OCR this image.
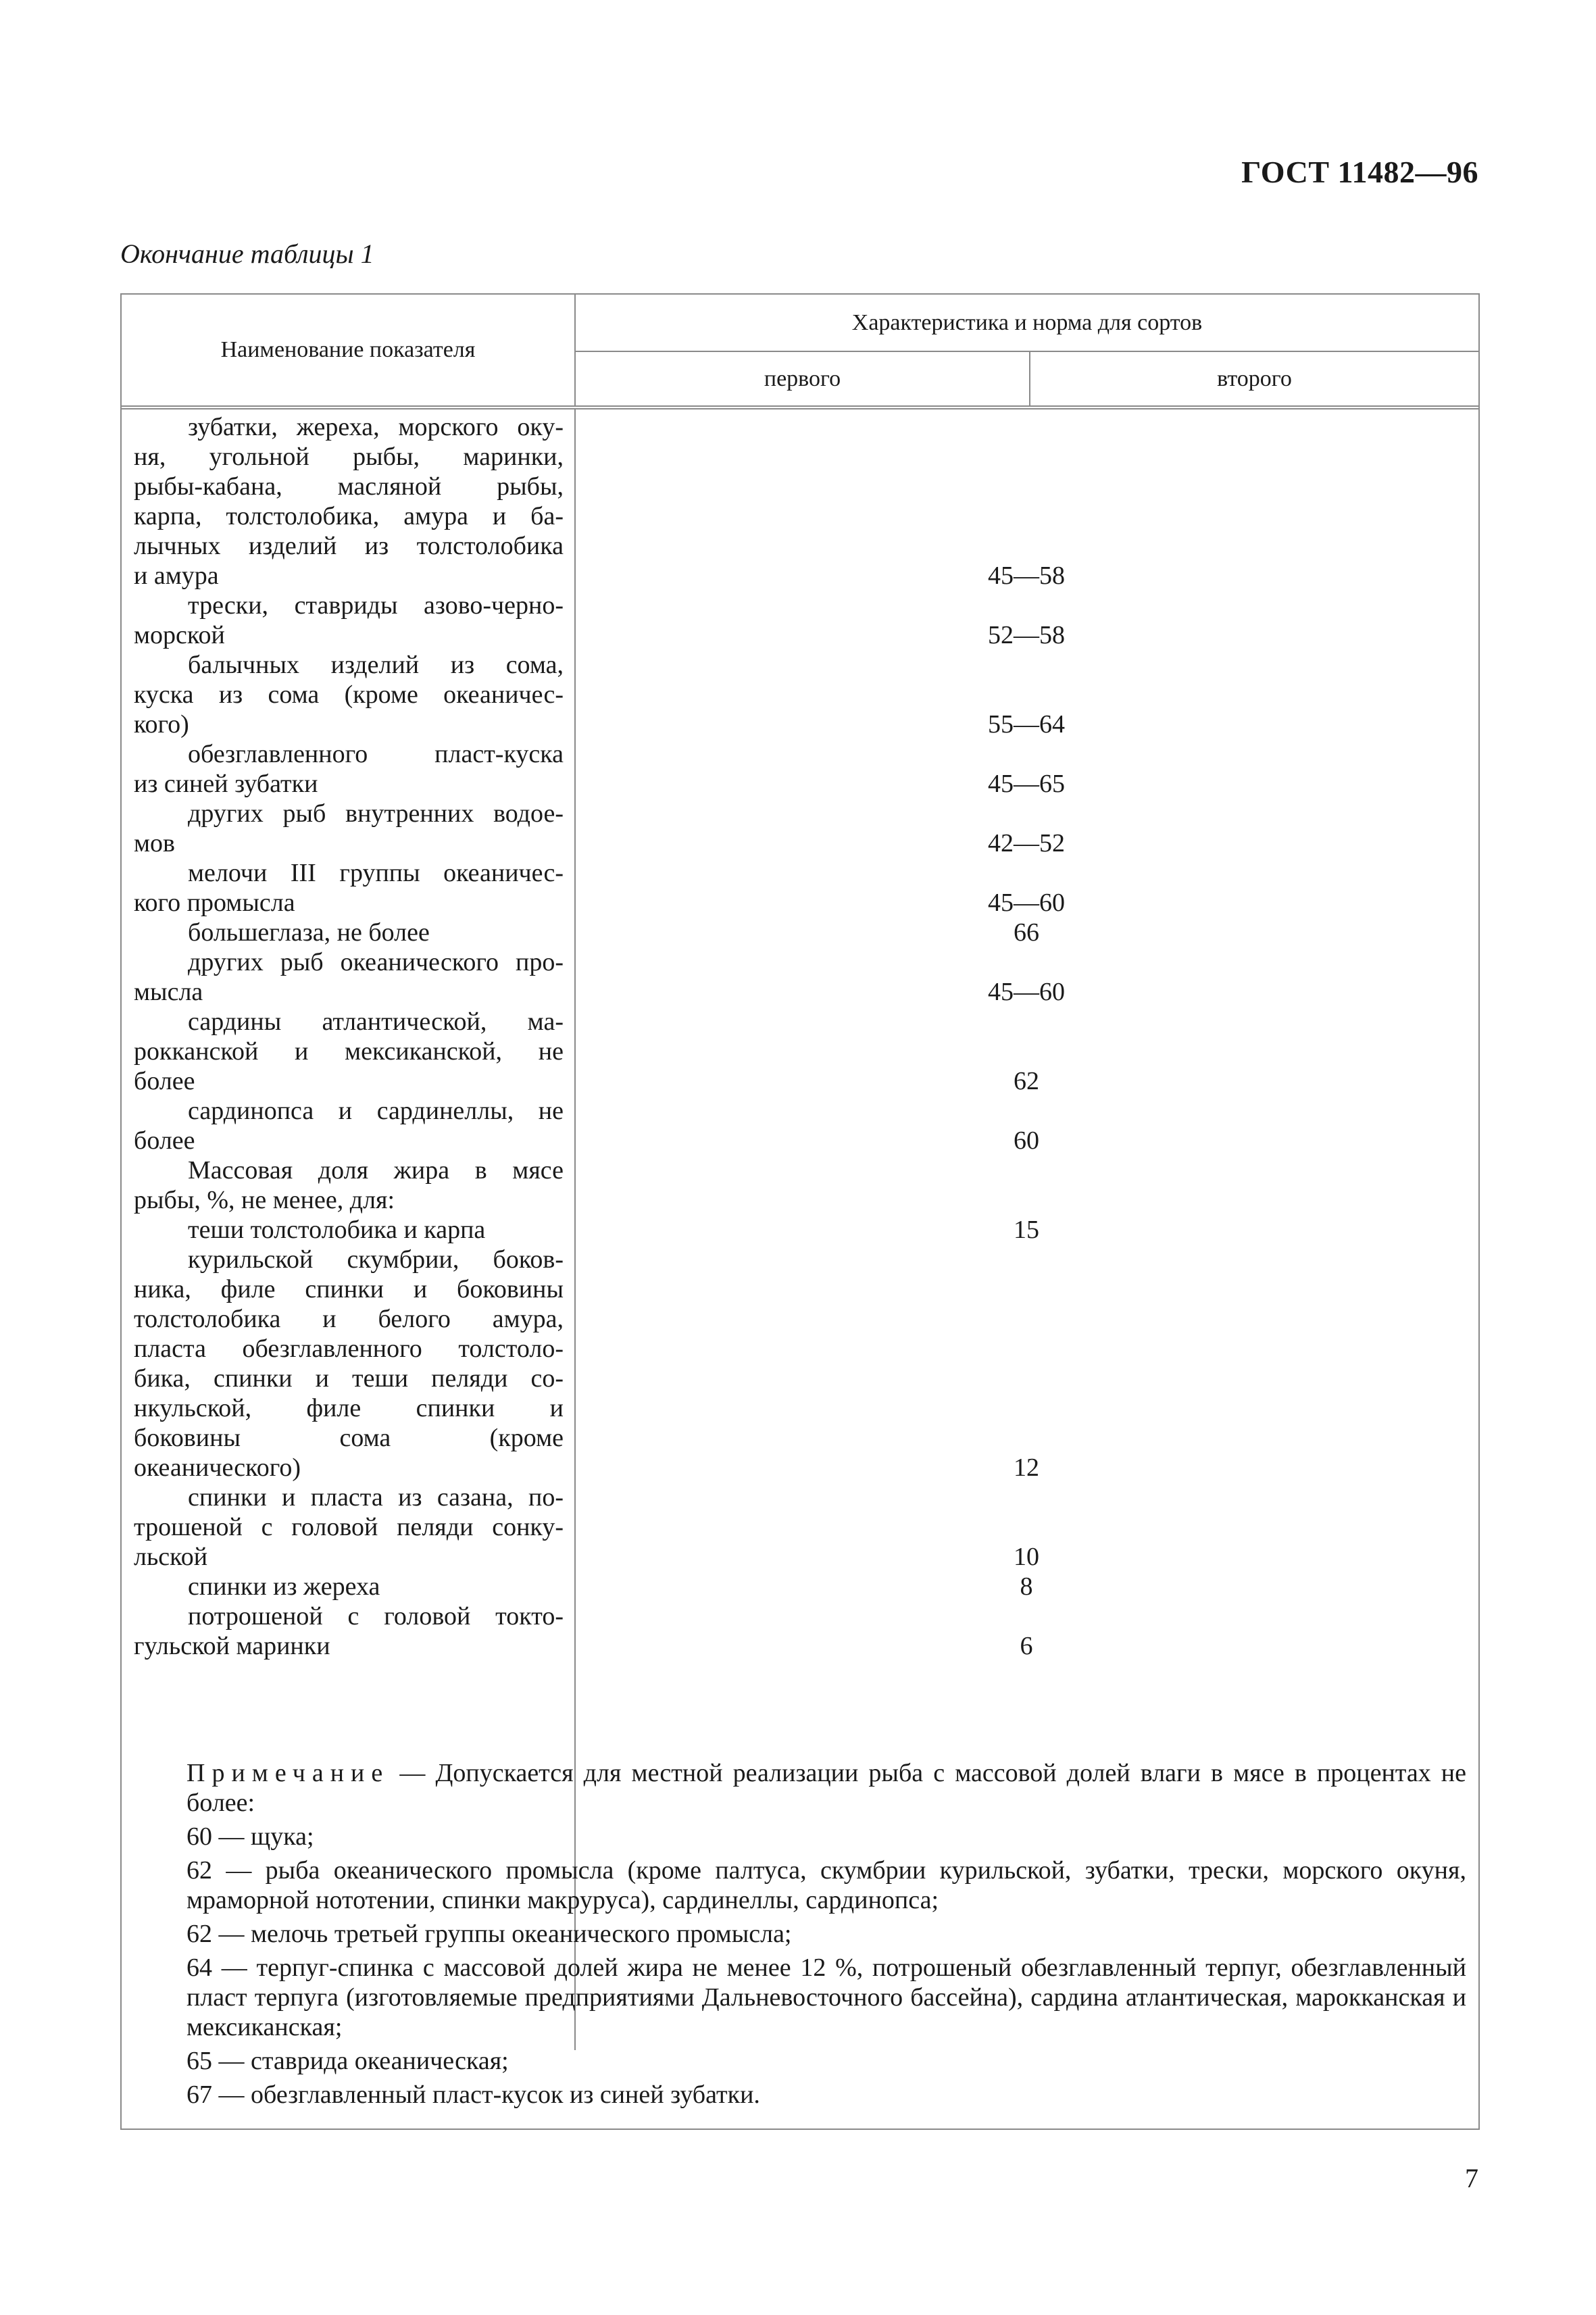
ГОСТ 11482—96
Окончание таблицы 1
Наименование показателя
Характеристика и норма для сортов
первого	второго
зубатки, жереха, морского оку-
ня, угольной рыбы, маринки,
рыбы-кабана, масляной рыбы,
карпа, толстолобика, амура и ба-
лычных изделий из толстолобика
и амура	45—58
трески, ставриды азово-черно-
морской	52—58
балычных изделий из сома,
куска из сома (кроме океаничес-
кого)	55—64
обезглавленного пласт-куска
из синей зубатки	45—65
других рыб внутренних водое-
мов	42—52
мелочи III группы океаничес-
кого промысла	45—60
большеглаза, не более	66
других рыб океанического про-
мысла	45—60
сардины атлантической, ма-
рокканской и мексиканской, не
более	62
сардинопса и сардинеллы, не
более	60
Массовая доля жира в мясе
рыбы, %, не менее, для:
теши толстолобика и карпа	15
курильской скумбрии, боков-
ника, филе спинки и боковины
толстолобика и белого амура,
пласта обезглавленного толстоло-
бика, спинки и теши пеляди со-
нкульской, филе спинки и
боковины сома (кроме
океанического)	12
спинки и пласта из сазана, по-
трошеной с головой пеляди сонку-
льской	10
спинки из жереха	8
потрошеной с головой токто-
гульской маринки	6

Примечание — Допускается для местной реализации рыба с массовой долей влаги в мясе в процентах не более:

60 — щука;

62 — рыба океанического промысла (кроме палтуса, скумбрии курильской, зубатки, трески, морского окуня, мраморной нототении, спинки макруруса), сардинеллы, сардинопса;

62 — мелочь третьей группы океанического промысла;

64 — терпуг-спинка с массовой долей жира не менее 12 %, потрошеный обезглавленный терпуг, обезглавленный пласт терпуга (изготовляемые предприятиями Дальневосточного бассейна), сардина атлантическая, марокканская и мексиканская;

65 — ставрида океаническая;

67 — обезглавленный пласт-кусок из синей зубатки.

7
